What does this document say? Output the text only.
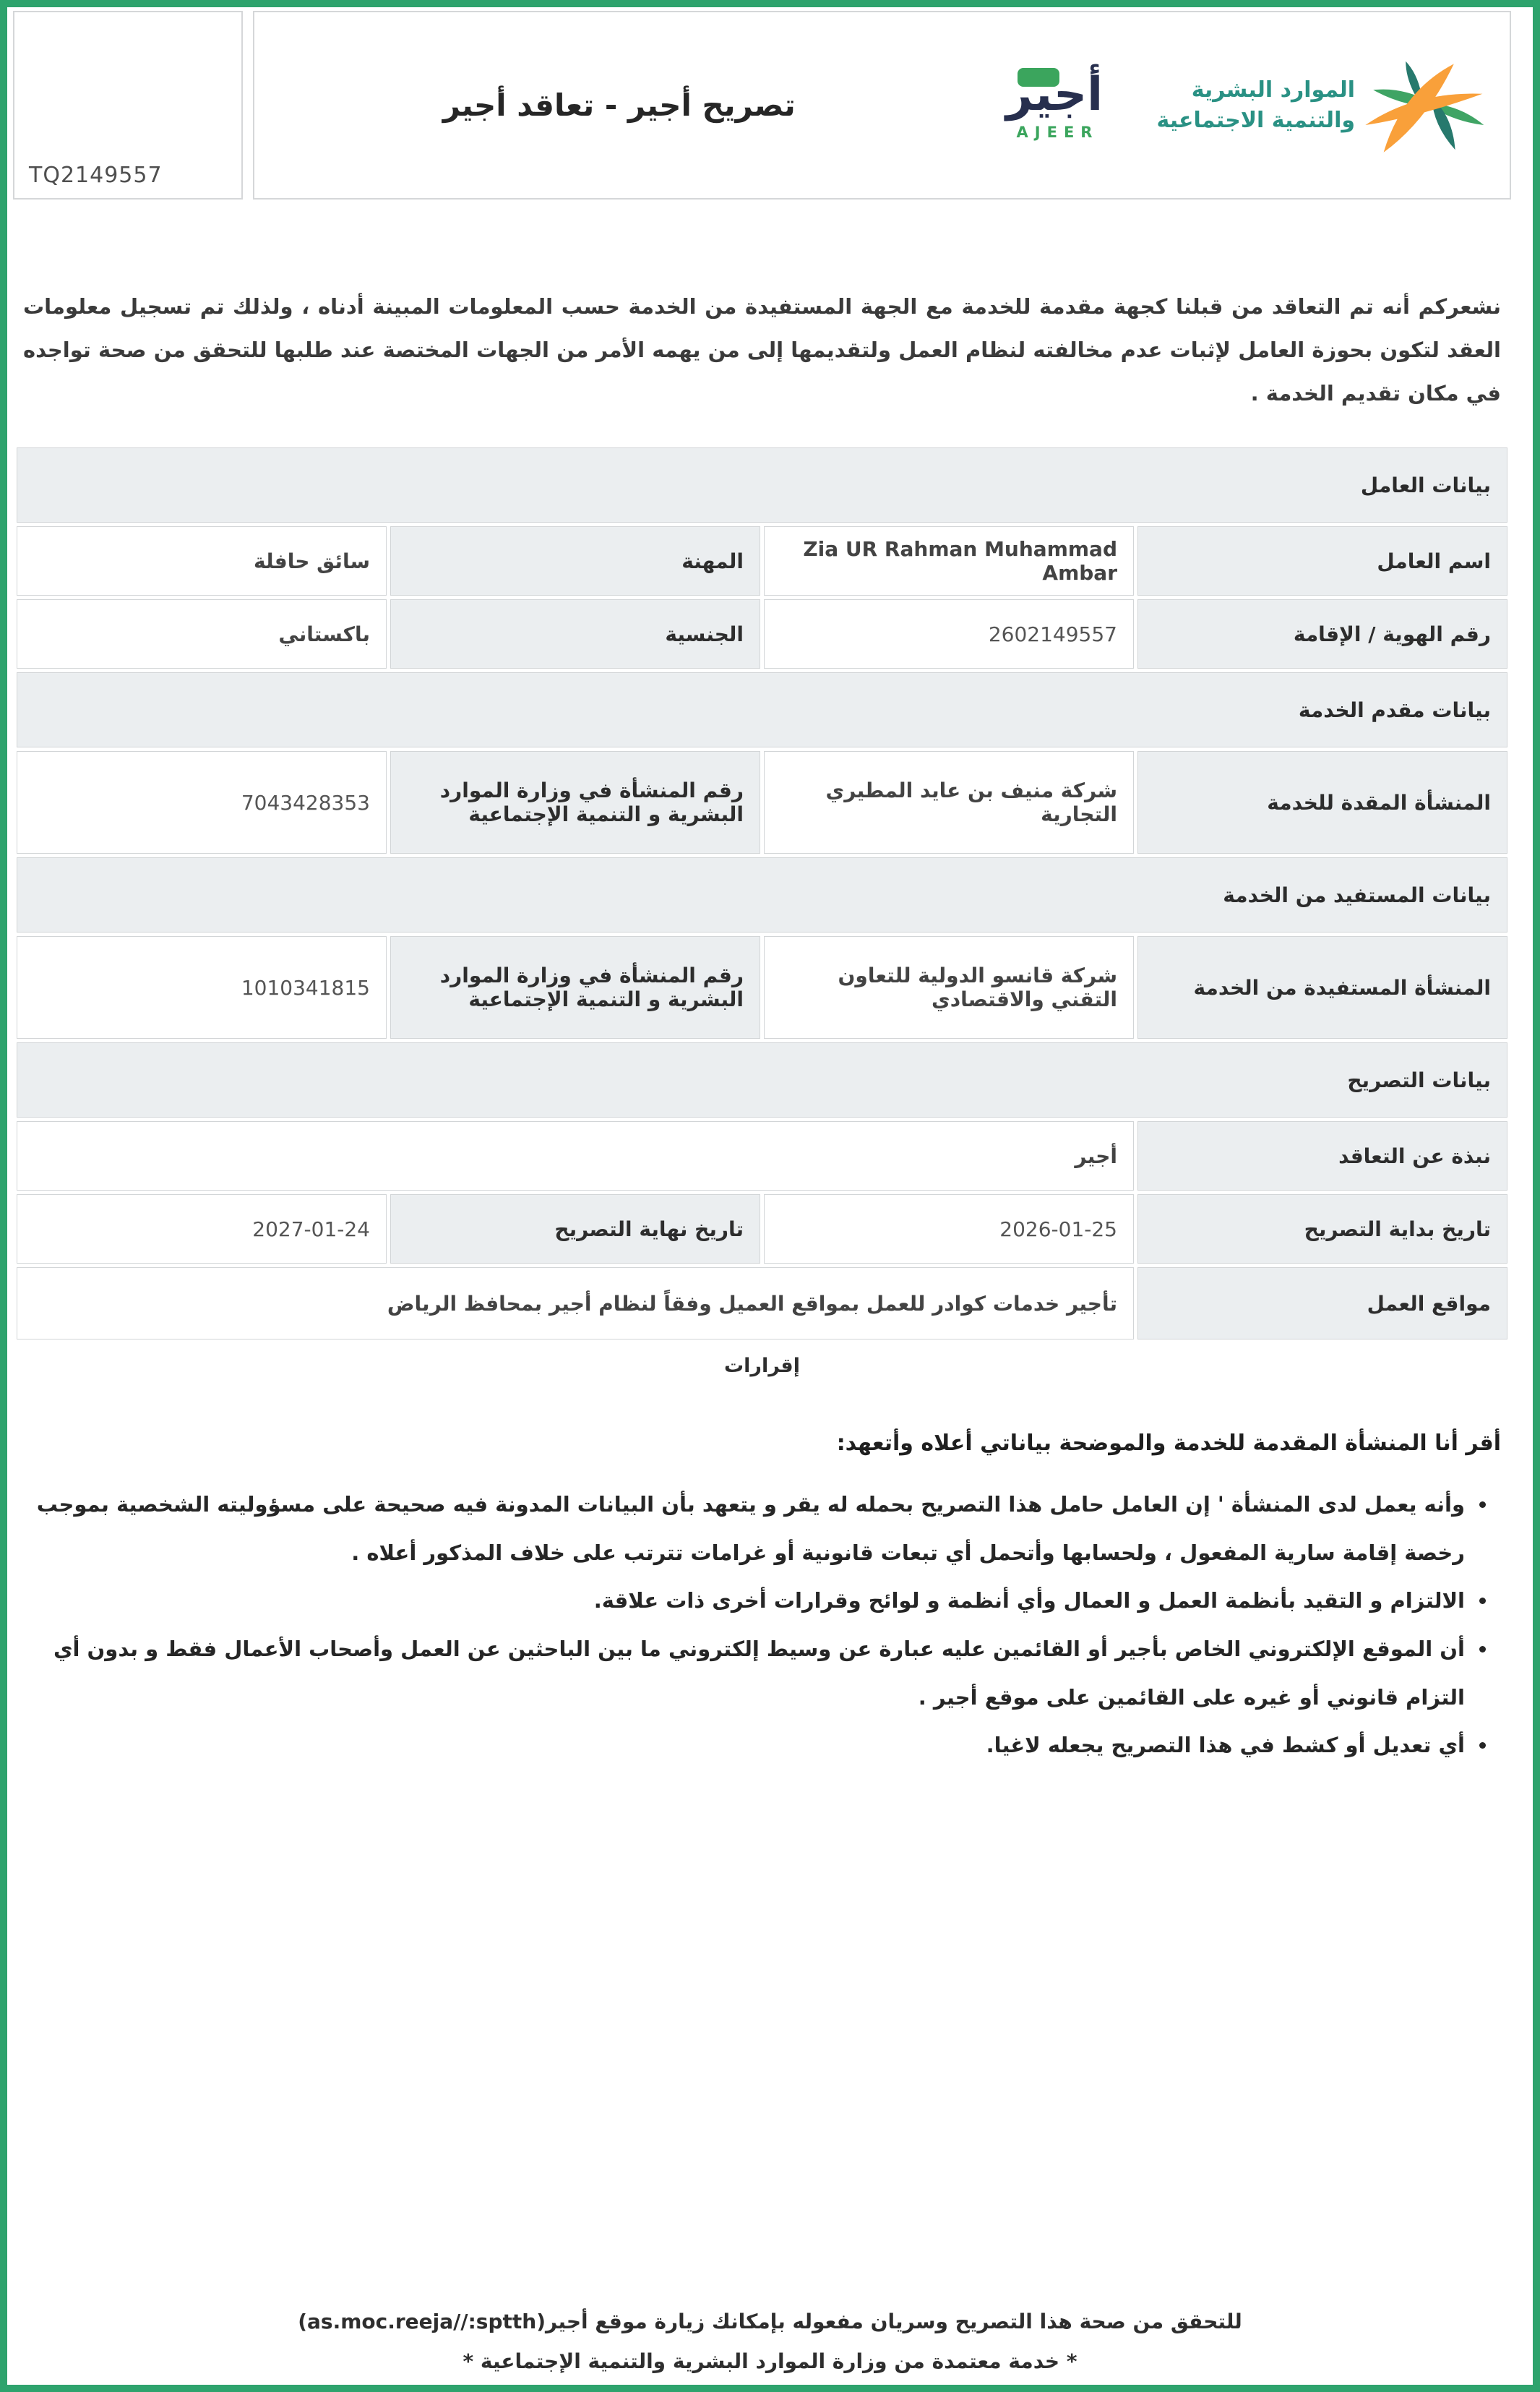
TQ2149557
تصريح أجير - تعاقد أجير	أجير
AJEER
الموارد البشرية
والتنمية الاجتماعية

نشعركم أنه تم التعاقد من قبلنا كجهة مقدمة للخدمة مع الجهة المستفيدة من الخدمة حسب المعلومات المبينة أدناه ، ولذلك تم تسجيل معلومات العقد لتكون بحوزة العامل لإثبات عدم مخالفته لنظام العمل ولتقديمها إلى من يهمه الأمر من الجهات المختصة عند طلبها للتحقق من صحة تواجده في مكان تقديم الخدمة .

بيانات العامل			
اسم العامل	Zia UR Rahman Muhammad Ambar	المهنة	سائق حافلة
رقم الهوية / الإقامة	2602149557	الجنسية	باكستاني
بيانات مقدم الخدمة			
المنشأة المقدة للخدمة	شركة منيف بن عايد المطيري التجارية	رقم المنشأة في وزارة الموارد البشرية و التنمية الإجتماعية	7043428353
بيانات المستفيد من الخدمة			
المنشأة المستفيدة من الخدمة	شركة قانسو الدولية للتعاون التقني والاقتصادي	رقم المنشأة في وزارة الموارد البشرية و التنمية الإجتماعية	1010341815
بيانات التصريح			
نبذة عن التعاقد	أجير		
تاريخ بداية التصريح	2026-01-25	تاريخ نهاية التصريح	2027-01-24
مواقع العمل	تأجير خدمات كوادر للعمل بمواقع العميل وفقاً لنظام أجير بمحافظ الرياض		
إقرارات
أقر أنا المنشأة المقدمة للخدمة والموضحة بياناتي أعلاه وأتعهد:
• وأنه يعمل لدى المنشأة ' إن العامل حامل هذا التصريح بحمله له يقر و يتعهد بأن البيانات المدونة فيه صحيحة على مسؤوليته الشخصية بموجب رخصة إقامة سارية المفعول ، ولحسابها وأتحمل أي تبعات قانونية أو غرامات تترتب على خلاف المذكور أعلاه .
• الالتزام و التقيد بأنظمة العمل و العمال وأي أنظمة و لوائح وقرارات أخرى ذات علاقة.
• أن الموقع الإلكتروني الخاص بأجير أو القائمين عليه عبارة عن وسيط إلكتروني ما بين الباحثين عن العمل وأصحاب الأعمال فقط و بدون أي التزام قانوني أو غيره على القائمين على موقع أجير .
• أي تعديل أو كشط في هذا التصريح يجعله لاغيا.
للتحقق من صحة هذا التصريح وسريان مفعوله بإمكانك زيارة موقع أجير(as.moc.reeja//:sptth)
* خدمة معتمدة من وزارة الموارد البشرية والتنمية الإجتماعية *
